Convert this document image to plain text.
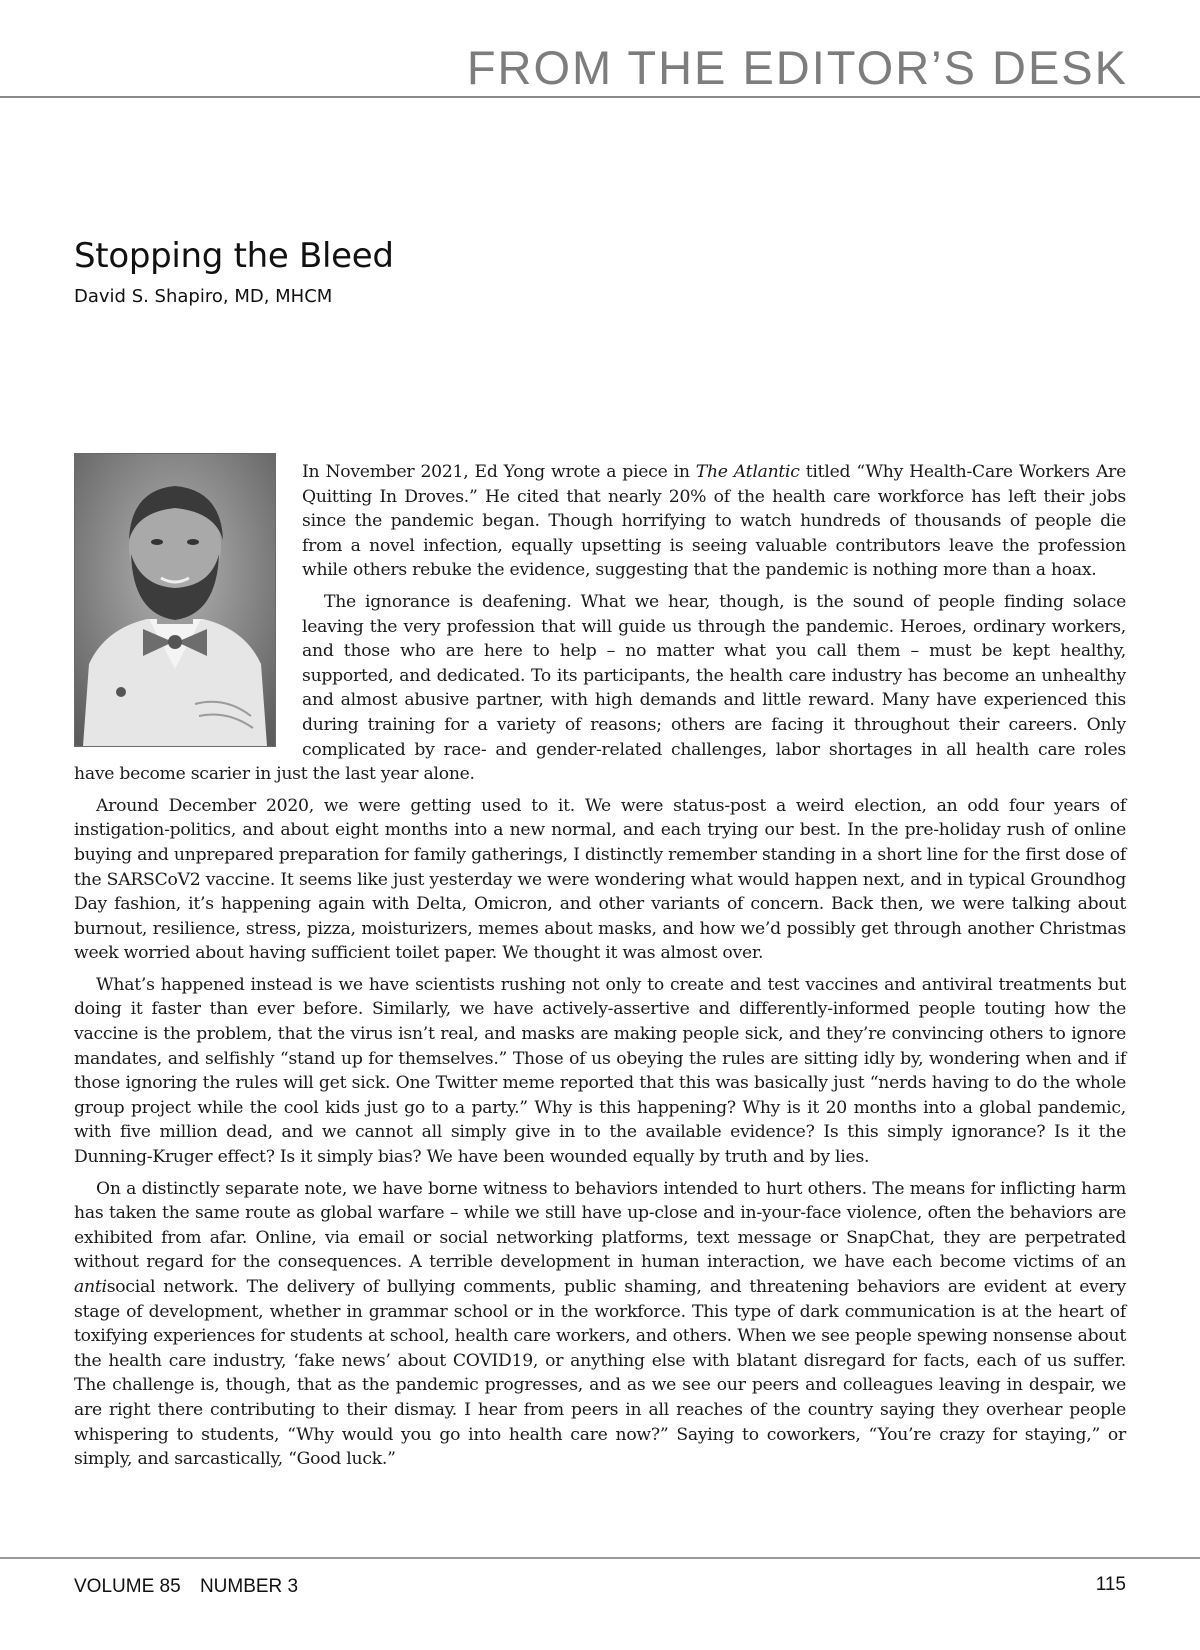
FROM THE EDITOR’S DESK
Stopping the Bleed
David S. Shapiro, MD, MHCM

In November 2021, Ed Yong wrote a piece in The Atlantic titled “Why Health-Care Workers Are Quitting In Droves.” He cited that nearly 20% of the health care workforce has left their jobs since the pandemic began. Though horrifying to watch hundreds of thousands of people die from a novel infection, equally upsetting is seeing valuable contributors leave the profession while others rebuke the evidence, suggesting that the pandemic is nothing more than a hoax.

The ignorance is deafening. What we hear, though, is the sound of people finding solace leaving the very profession that will guide us through the pandemic. Heroes, ordinary workers, and those who are here to help – no matter what you call them – must be kept healthy, supported, and dedicated. To its participants, the health care industry has become an unhealthy and almost abusive partner, with high demands and little reward. Many have experienced this during training for a variety of reasons; others are facing it throughout their careers. Only complicated by race- and gender-related challenges, labor shortages in all health care roles have become scarier in just the last year alone.

Around December 2020, we were getting used to it. We were status-post a weird election, an odd four years of instigation-politics, and about eight months into a new normal, and each trying our best. In the pre-holiday rush of online buying and unprepared preparation for family gatherings, I distinctly remember standing in a short line for the first dose of the SARSCoV2 vaccine. It seems like just yesterday we were wondering what would happen next, and in typical Groundhog Day fashion, it’s happening again with Delta, Omicron, and other variants of concern. Back then, we were talking about burnout, resilience, stress, pizza, moisturizers, memes about masks, and how we’d possibly get through another Christmas week worried about having sufficient toilet paper. We thought it was almost over.

What’s happened instead is we have scientists rushing not only to create and test vaccines and antiviral treatments but doing it faster than ever before. Similarly, we have actively-assertive and differently-informed people touting how the vaccine is the problem, that the virus isn’t real, and masks are making people sick, and they’re convincing others to ignore mandates, and selfishly “stand up for themselves.” Those of us obeying the rules are sitting idly by, wondering when and if those ignoring the rules will get sick. One Twitter meme reported that this was basically just “nerds having to do the whole group project while the cool kids just go to a party.” Why is this happening? Why is it 20 months into a global pandemic, with five million dead, and we cannot all simply give in to the available evidence? Is this simply ignorance? Is it the Dunning-Kruger effect? Is it simply bias? We have been wounded equally by truth and by lies.

On a distinctly separate note, we have borne witness to behaviors intended to hurt others. The means for inflicting harm has taken the same route as global warfare – while we still have up-close and in-your-face violence, often the behaviors are exhibited from afar. Online, via email or social networking platforms, text message or SnapChat, they are perpetrated without regard for the consequences. A terrible development in human interaction, we have each become victims of an antisocial network. The delivery of bullying comments, public shaming, and threatening behaviors are evident at every stage of development, whether in grammar school or in the workforce. This type of dark communication is at the heart of toxifying experiences for students at school, health care workers, and others. When we see people spewing nonsense about the health care industry, ‘fake news’ about COVID19, or anything else with blatant disregard for facts, each of us suffer. The challenge is, though, that as the pandemic progresses, and as we see our peers and colleagues leaving in despair, we are right there contributing to their dismay. I hear from peers in all reaches of the country saying they overhear people whispering to students, “Why would you go into health care now?” Saying to coworkers, “You’re crazy for staying,” or simply, and sarcastically, “Good luck.”

VOLUME 85 NUMBER 3	115
